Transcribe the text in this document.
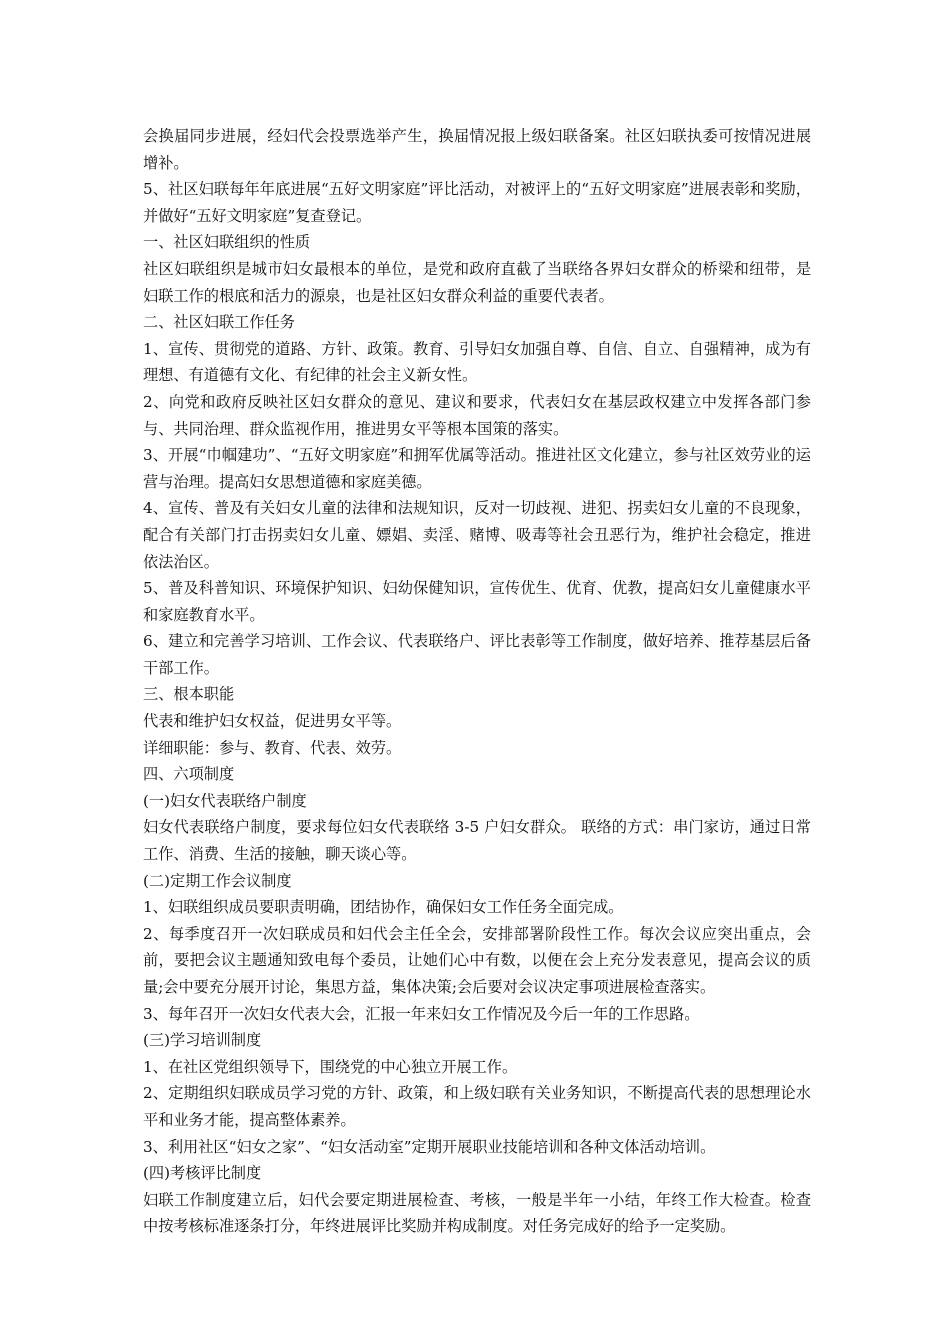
会换届同步进展，经妇代会投票选举产生，换届情况报上级妇联备案。社区妇联执委可按情况进展增补。

5、社区妇联每年年底进展“五好文明家庭”评比活动，对被评上的“五好文明家庭”进展表彰和奖励，并做好“五好文明家庭”复查登记。

一、社区妇联组织的性质

社区妇联组织是城市妇女最根本的单位，是党和政府直截了当联络各界妇女群众的桥梁和纽带，是妇联工作的根底和活力的源泉，也是社区妇女群众利益的重要代表者。

二、社区妇联工作任务

1、宣传、贯彻党的道路、方针、政策。教育、引导妇女加强自尊、自信、自立、自强精神，成为有理想、有道德有文化、有纪律的社会主义新女性。

2、向党和政府反映社区妇女群众的意见、建议和要求，代表妇女在基层政权建立中发挥各部门参与、共同治理、群众监视作用，推进男女平等根本国策的落实。

3、开展“巾帼建功”、“五好文明家庭”和拥军优属等活动。推进社区文化建立，参与社区效劳业的运营与治理。提高妇女思想道德和家庭美德。

4、宣传、普及有关妇女儿童的法律和法规知识，反对一切歧视、进犯、拐卖妇女儿童的不良现象，配合有关部门打击拐卖妇女儿童、嫖娼、卖淫、赌博、吸毒等社会丑恶行为，维护社会稳定，推进依法治区。

5、普及科普知识、环境保护知识、妇幼保健知识，宣传优生、优育、优教，提高妇女儿童健康水平和家庭教育水平。

6、建立和完善学习培训、工作会议、代表联络户、评比表彰等工作制度，做好培养、推荐基层后备干部工作。

三、根本职能

代表和维护妇女权益，促进男女平等。

详细职能：参与、教育、代表、效劳。

四、六项制度

(一)妇女代表联络户制度

妇女代表联络户制度，要求每位妇女代表联络 3-5 户妇女群众。 联络的方式：串门家访，通过日常工作、消费、生活的接触，聊天谈心等。

(二)定期工作会议制度

1、妇联组织成员要职责明确，团结协作，确保妇女工作任务全面完成。

2、每季度召开一次妇联成员和妇代会主任全会，安排部署阶段性工作。每次会议应突出重点，会前，要把会议主题通知致电每个委员，让她们心中有数，以便在会上充分发表意见，提高会议的质量;会中要充分展开讨论，集思方益，集体决策;会后要对会议决定事项进展检查落实。

3、每年召开一次妇女代表大会，汇报一年来妇女工作情况及今后一年的工作思路。

(三)学习培训制度

1、在社区党组织领导下，围绕党的中心独立开展工作。

2、定期组织妇联成员学习党的方针、政策，和上级妇联有关业务知识，不断提高代表的思想理论水平和业务才能，提高整体素养。

3、利用社区“妇女之家”、“妇女活动室”定期开展职业技能培训和各种文体活动培训。

(四)考核评比制度

妇联工作制度建立后，妇代会要定期进展检查、考核，一般是半年一小结，年终工作大检查。检查中按考核标准逐条打分，年终进展评比奖励并构成制度。对任务完成好的给予一定奖励。
